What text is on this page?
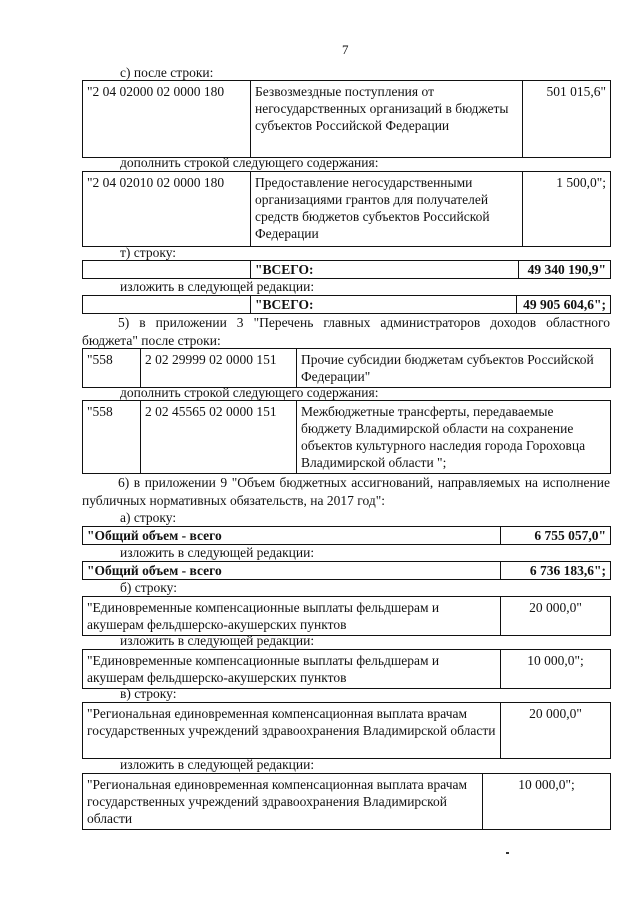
7
с) после строки:
"2 04 02000 02 0000 180	Безвозмездные поступления от негосударственных организаций в бюджеты субъектов Российской Федерации	501 015,6"
дополнить строкой следующего содержания:
"2 04 02010 02 0000 180	Предоставление негосударственными организациями грантов для получателей средств бюджетов субъектов Российской Федерации	1 500,0";
т) строку:
	"ВСЕГО:	49 340 190,9"
изложить в следующей редакции:
	"ВСЕГО:	49 905 604,6";
5) в приложении 3 "Перечень главных администраторов доходов областного бюджета" после строки:
"558	2 02 29999 02 0000 151	Прочие субсидии бюджетам субъектов Российской Федерации"
дополнить строкой следующего содержания:
"558	2 02 45565 02 0000 151	Межбюджетные трансферты, передаваемые бюджету Владимирской области на сохранение объектов культурного наследия города Гороховца Владимирской области ";
6) в приложении 9 "Объем бюджетных ассигнований, направляемых на исполнение публичных нормативных обязательств, на 2017 год":
а) строку:
"Общий объем - всего	6 755 057,0"
изложить в следующей редакции:
"Общий объем - всего	6 736 183,6";
б) строку:
"Единовременные компенсационные выплаты фельдшерам и акушерам фельдшерско-акушерских пунктов	20 000,0"
изложить в следующей редакции:
"Единовременные компенсационные выплаты фельдшерам и акушерам фельдшерско-акушерских пунктов	10 000,0";
в) строку:
"Региональная единовременная компенсационная выплата врачам государственных учреждений здравоохранения Владимирской области	20 000,0"
изложить в следующей редакции:
"Региональная единовременная компенсационная выплата врачам государственных учреждений здравоохранения Владимирской области	10 000,0";
